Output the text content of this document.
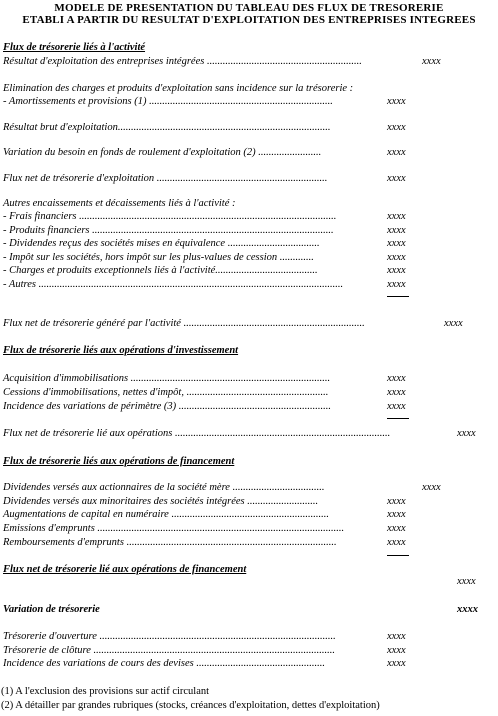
MODELE DE PRESENTATION DU TABLEAU DES FLUX DE TRESORERIE
ETABLI A PARTIR DU RESULTAT D'EXPLOITATION DES ENTREPRISES INTEGREES
Flux de trésorerie liés à l'activité
Résultat d'exploitation des entreprises intégrées ...........................................................	xxxx
Elimination des charges et produits d'exploitation sans incidence sur la trésorerie :
- Amortissements et provisions (1) ......................................................................	xxxx
Résultat brut d'exploitation.................................................................................	xxxx
Variation du besoin en fonds de roulement d'exploitation (2) ........................	xxxx
Flux net de trésorerie d'exploitation .................................................................	xxxx
Autres encaissements et décaissements liés à l'activité :
- Frais financiers ..................................................................................................	xxxx
- Produits financiers ............................................................................................	xxxx
- Dividendes reçus des sociétés mises en équivalence ...................................	xxxx
- Impôt sur les sociétés, hors impôt sur les plus-values de cession .............	xxxx
- Charges et produits exceptionnels liés à l'activité.......................................	xxxx
- Autres ....................................................................................................................	xxxx
Flux net de trésorerie généré par l'activité .....................................................................	xxxx
Flux de trésorerie liés aux opérations d'investissement
Acquisition d'immobilisations ............................................................................	xxxx
Cessions d'immobilisations, nettes d'impôt, ......................................................	xxxx
Incidence des variations de périmètre (3) ..........................................................	xxxx
Flux net de trésorerie lié aux opérations ..................................................................................	xxxx
Flux de trésorerie liés aux opérations de financement
Dividendes versés aux actionnaires de la société mère ...................................	xxxx
Dividendes versés aux minoritaires des sociétés intégrées ...........................	xxxx
Augmentations de capital en numéraire ............................................................	xxxx
Emissions d'emprunts ..............................................................................................	xxxx
Remboursements d'emprunts ................................................................................	xxxx
Flux net de trésorerie lié aux opérations de financement
xxxx
Variation de trésorerie	xxxx
Trésorerie d'ouverture ..........................................................................................	xxxx
Trésorerie de clôture ............................................................................................	xxxx
Incidence des variations de cours des devises .................................................	xxxx
(1) A l'exclusion des provisions sur actif circulant
(2) A détailler par grandes rubriques (stocks, créances d'exploitation, dettes d'exploitation)
